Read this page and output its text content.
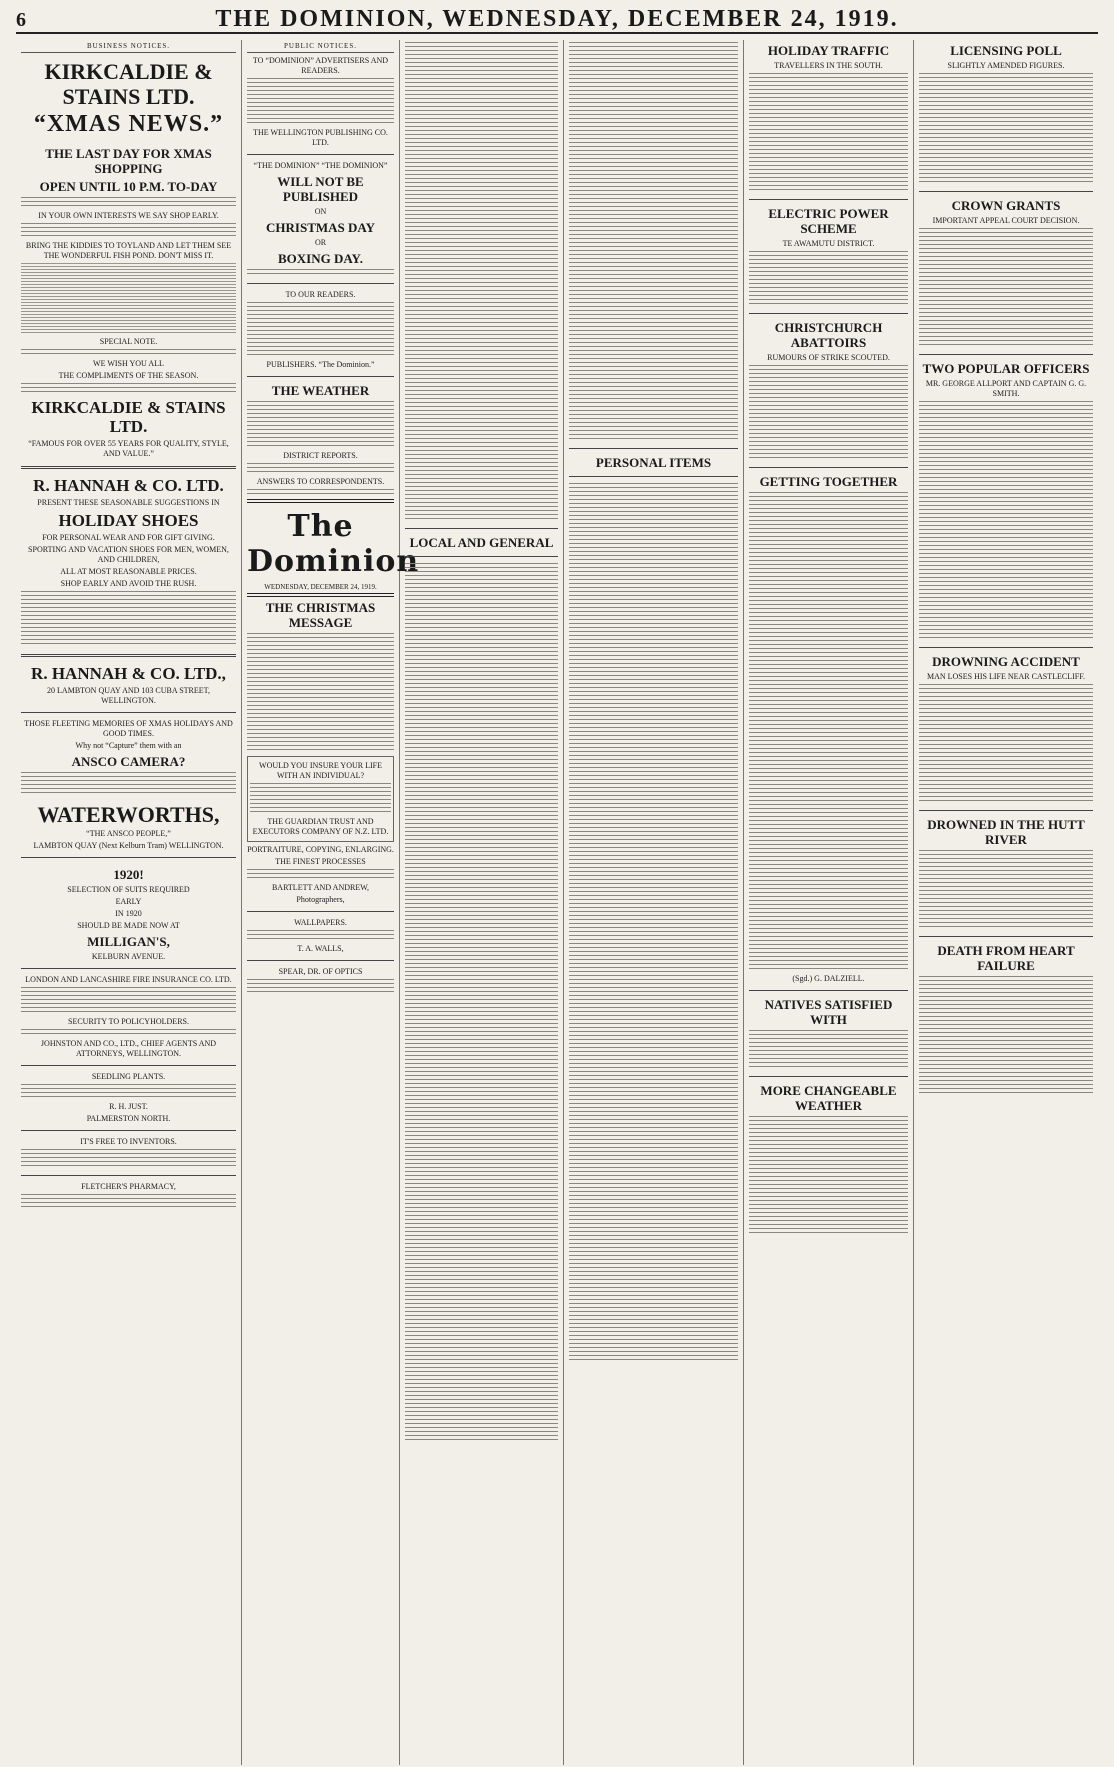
6	THE DOMINION, WEDNESDAY, DECEMBER 24, 1919.
BUSINESS NOTICES.
KIRKCALDIE & STAINS LTD.
“XMAS NEWS.”
THE LAST DAY FOR XMAS SHOPPING
OPEN UNTIL 10 P.M. TO-DAY
IN YOUR OWN INTERESTS WE SAY SHOP EARLY.
BRING THE KIDDIES TO TOYLAND AND LET THEM SEE THE WONDERFUL FISH POND. DON'T MISS IT.
SPECIAL NOTE.
WE WISH YOU ALL
THE COMPLIMENTS OF THE SEASON.
KIRKCALDIE & STAINS LTD.
“FAMOUS FOR OVER 55 YEARS FOR QUALITY, STYLE, AND VALUE.”
R. HANNAH & CO. LTD.
PRESENT THESE SEASONABLE SUGGESTIONS IN
HOLIDAY SHOES
FOR PERSONAL WEAR AND FOR GIFT GIVING.
SPORTING AND VACATION SHOES FOR MEN, WOMEN, AND CHILDREN,
ALL AT MOST REASONABLE PRICES.
SHOP EARLY AND AVOID THE RUSH.
R. HANNAH & CO. LTD.,
20 LAMBTON QUAY AND 103 CUBA STREET, WELLINGTON.
THOSE FLEETING MEMORIES OF XMAS HOLIDAYS AND GOOD TIMES.
Why not “Capture” them with an
ANSCO CAMERA?
WATERWORTHS,
“THE ANSCO PEOPLE,”
LAMBTON QUAY (Next Kelburn Tram) WELLINGTON.
1920!
SELECTION OF SUITS REQUIRED
EARLY
IN 1920
SHOULD BE MADE NOW AT
MILLIGAN'S,
KELBURN AVENUE.
LONDON AND LANCASHIRE FIRE INSURANCE CO. LTD.
SECURITY TO POLICYHOLDERS.
JOHNSTON AND CO., LTD., CHIEF AGENTS AND ATTORNEYS, WELLINGTON.
SEEDLING PLANTS.
R. H. JUST.
PALMERSTON NORTH.
IT'S FREE TO INVENTORS.
FLETCHER'S PHARMACY,
PUBLIC NOTICES.
TO “DOMINION” ADVERTISERS AND READERS.
THE WELLINGTON PUBLISHING CO. LTD.
“THE DOMINION” “THE DOMINION”
WILL NOT BE PUBLISHED
ON
CHRISTMAS DAY
OR
BOXING DAY.
TO OUR READERS.
PUBLISHERS. “The Dominion.”
THE WEATHER
DISTRICT REPORTS.
ANSWERS TO CORRESPONDENTS.
The Dominion
WEDNESDAY, DECEMBER 24, 1919.
THE CHRISTMAS MESSAGE
WOULD YOU INSURE YOUR LIFE WITH AN INDIVIDUAL?
THE GUARDIAN TRUST AND EXECUTORS COMPANY OF N.Z. LTD.
PORTRAITURE, COPYING, ENLARGING.
THE FINEST PROCESSES
BARTLETT AND ANDREW,
Photographers,
WALLPAPERS.
T. A. WALLS,
SPEAR, DR. OF OPTICS
LOCAL AND GENERAL
PERSONAL ITEMS
HOLIDAY TRAFFIC
TRAVELLERS IN THE SOUTH.
ELECTRIC POWER SCHEME
TE AWAMUTU DISTRICT.
CHRISTCHURCH ABATTOIRS
RUMOURS OF STRIKE SCOUTED.
GETTING TOGETHER
(Sgd.) G. DALZIELL.
NATIVES SATISFIED WITH
MORE CHANGEABLE WEATHER
LICENSING POLL
SLIGHTLY AMENDED FIGURES.
CROWN GRANTS
IMPORTANT APPEAL COURT DECISION.
TWO POPULAR OFFICERS
MR. GEORGE ALLPORT AND CAPTAIN G. G. SMITH.
DROWNING ACCIDENT
MAN LOSES HIS LIFE NEAR CASTLECLIFF.
DROWNED IN THE HUTT RIVER
DEATH FROM HEART FAILURE
